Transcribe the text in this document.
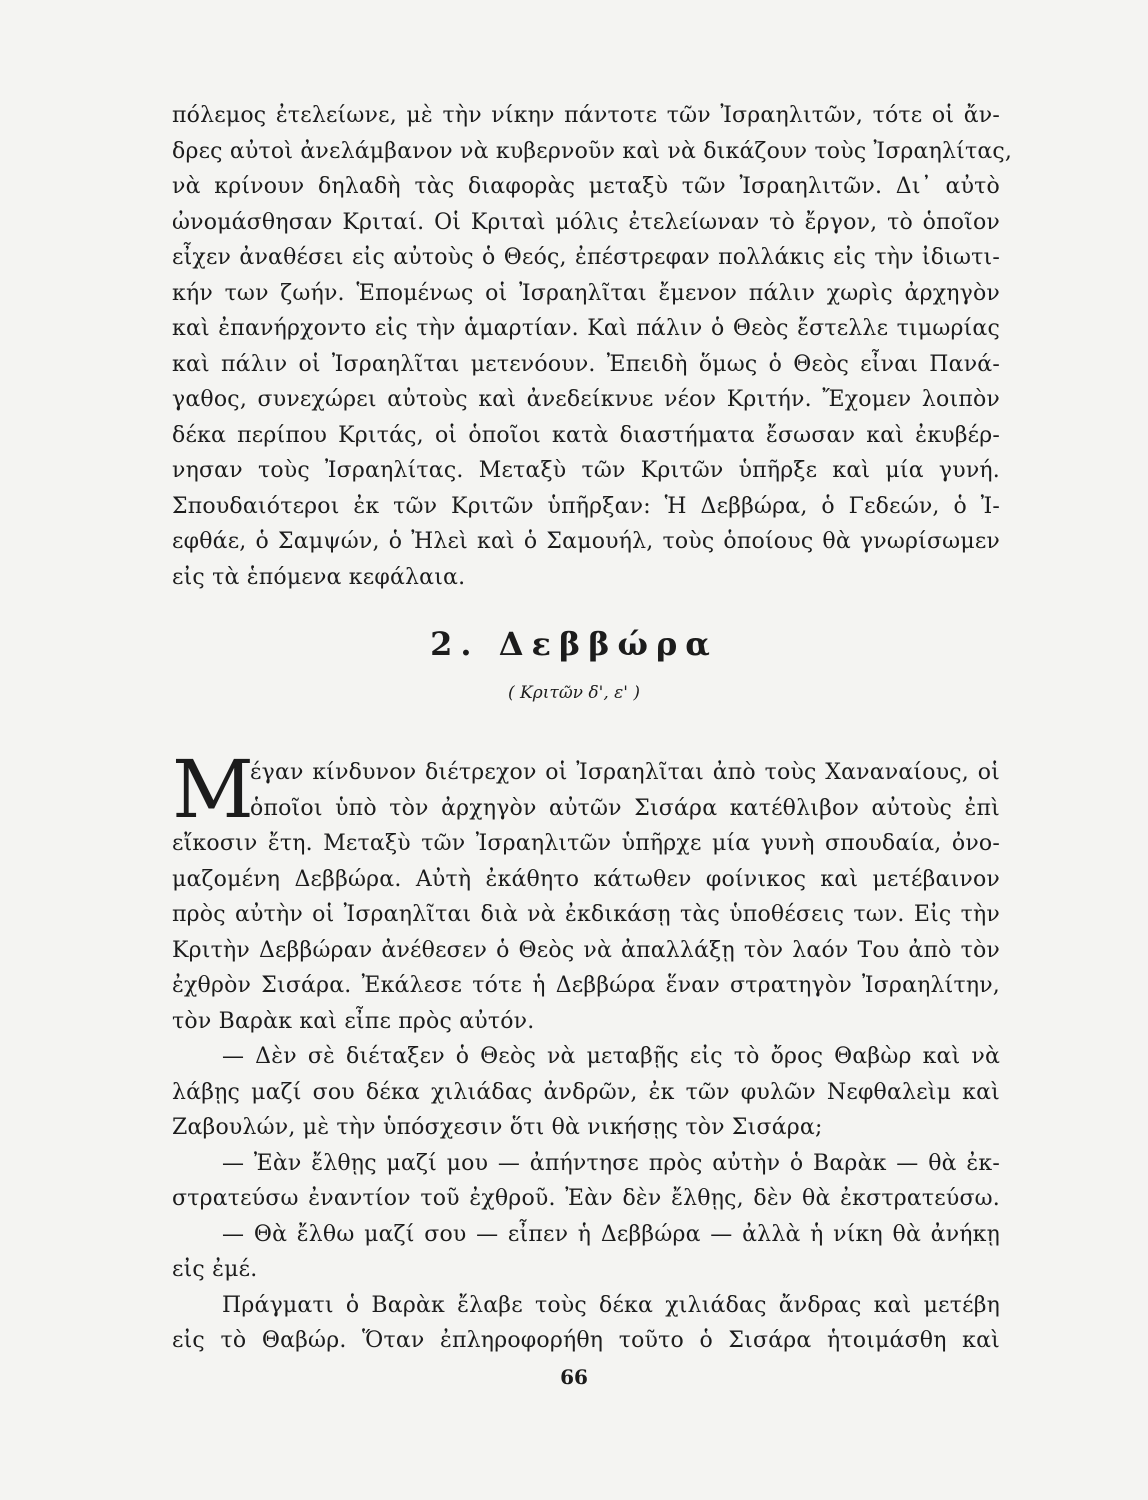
πόλεμος ἐτελείωνε, μὲ τὴν νίκην πάντοτε τῶν Ἰσραηλιτῶν, τότε οἱ ἄν-
δρες αὐτοὶ ἀνελάμβανον νὰ κυβερνοῦν καὶ νὰ δικάζουν τοὺς Ἰσραηλίτας,
νὰ κρίνουν δηλαδὴ τὰς διαφορὰς μεταξὺ τῶν Ἰσραηλιτῶν. Δι᾿ αὐτὸ
ὠνομάσθησαν Κριταί. Οἱ Κριταὶ μόλις ἐτελείωναν τὸ ἔργον, τὸ ὁποῖον
εἶχεν ἀναθέσει εἰς αὐτοὺς ὁ Θεός, ἐπέστρεφαν πολλάκις εἰς τὴν ἰδιωτι-
κήν των ζωήν. Ἑπομένως οἱ Ἰσραηλῖται ἔμενον πάλιν χωρὶς ἀρχηγὸν
καὶ ἐπανήρχοντο εἰς τὴν ἁμαρτίαν. Καὶ πάλιν ὁ Θεὸς ἔστελλε τιμωρίας
καὶ πάλιν οἱ Ἰσραηλῖται μετενόουν. Ἐπειδὴ ὅμως ὁ Θεὸς εἶναι Πανά-
γαθος, συνεχώρει αὐτοὺς καὶ ἀνεδείκνυε νέον Κριτήν. Ἔχομεν λοιπὸν
δέκα περίπου Κριτάς, οἱ ὁποῖοι κατὰ διαστήματα ἔσωσαν καὶ ἐκυβέρ-
νησαν τοὺς Ἰσραηλίτας. Μεταξὺ τῶν Κριτῶν ὑπῆρξε καὶ μία γυνή.
Σπουδαιότεροι ἐκ τῶν Κριτῶν ὑπῆρξαν: Ἡ Δεββώρα, ὁ Γεδεών, ὁ Ἰ-
εφθάε, ὁ Σαμψών, ὁ Ἠλεὶ καὶ ὁ Σαμουήλ, τοὺς ὁποίους θὰ γνωρίσωμεν
εἰς τὰ ἑπόμενα κεφάλαια.
2. Δεββώρα
( Κριτῶν δ', ε' )
Μ
έγαν κίνδυνον διέτρεχον οἱ Ἰσραηλῖται ἀπὸ τοὺς Χαναναίους, οἱ
ὁποῖοι ὑπὸ τὸν ἀρχηγὸν αὐτῶν Σισάρα κατέθλιβον αὐτοὺς ἐπὶ
εἴκοσιν ἔτη. Μεταξὺ τῶν Ἰσραηλιτῶν ὑπῆρχε μία γυνὴ σπουδαία, ὀνο-
μαζομένη Δεββώρα. Αὐτὴ ἐκάθητο κάτωθεν φοίνικος καὶ μετέβαινον
πρὸς αὐτὴν οἱ Ἰσραηλῖται διὰ νὰ ἐκδικάσῃ τὰς ὑποθέσεις των. Εἰς τὴν
Κριτὴν Δεββώραν ἀνέθεσεν ὁ Θεὸς νὰ ἀπαλλάξῃ τὸν λαόν Του ἀπὸ τὸν
ἐχθρὸν Σισάρα. Ἐκάλεσε τότε ἡ Δεββώρα ἕναν στρατηγὸν Ἰσραηλίτην,
τὸν Βαρὰκ καὶ εἶπε πρὸς αὐτόν.
— Δὲν σὲ διέταξεν ὁ Θεὸς νὰ μεταβῇς εἰς τὸ ὄρος Θαβὼρ καὶ νὰ
λάβῃς μαζί σου δέκα χιλιάδας ἀνδρῶν, ἐκ τῶν φυλῶν Νεφθαλεὶμ καὶ
Ζαβουλών, μὲ τὴν ὑπόσχεσιν ὅτι θὰ νικήσῃς τὸν Σισάρα;
— Ἐὰν ἔλθῃς μαζί μου — ἀπήντησε πρὸς αὐτὴν ὁ Βαρὰκ — θὰ ἐκ-
στρατεύσω ἐναντίον τοῦ ἐχθροῦ. Ἐὰν δὲν ἔλθῃς, δὲν θὰ ἐκστρατεύσω.
— Θὰ ἔλθω μαζί σου — εἶπεν ἡ Δεββώρα — ἀλλὰ ἡ νίκη θὰ ἀνήκῃ
εἰς ἐμέ.
Πράγματι ὁ Βαρὰκ ἔλαβε τοὺς δέκα χιλιάδας ἄνδρας καὶ μετέβη
εἰς τὸ Θαβώρ. Ὅταν ἐπληροφορήθη τοῦτο ὁ Σισάρα ἡτοιμάσθη καὶ
66
